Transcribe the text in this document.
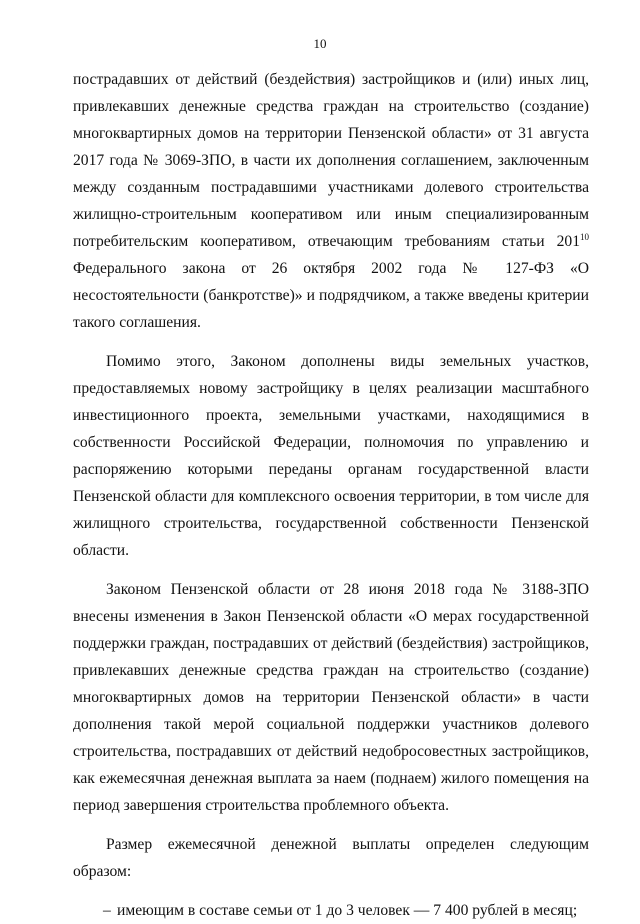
10

пострадавших от действий (бездействия) застройщиков и (или) иных лиц, привлекавших денежные средства граждан на строительство (создание) многоквартирных домов на территории Пензенской области» от 31 августа 2017 года № 3069-ЗПО, в части их дополнения соглашением, заключенным между созданным пострадавшими участниками долевого строительства жилищно-строительным кооперативом или иным специализированным потребительским кооперативом, отвечающим требованиям статьи $201^{10}$ Федерального закона от 26 октября 2002 года № 127-ФЗ «О несостоятельности (банкротстве)» и подрядчиком, а также введены критерии такого соглашения.

Помимо этого, Законом дополнены виды земельных участков, предоставляемых новому застройщику в целях реализации масштабного инвестиционного проекта, земельными участками, находящимися в собственности Российской Федерации, полномочия по управлению и распоряжению которыми переданы органам государственной власти Пензенской области для комплексного освоения территории, в том числе для жилищного строительства, государственной собственности Пензенской области.

Законом Пензенской области от 28 июня 2018 года № 3188-ЗПО внесены изменения в Закон Пензенской области «О мерах государственной поддержки граждан, пострадавших от действий (бездействия) застройщиков, привлекавших денежные средства граждан на строительство (создание) многоквартирных домов на территории Пензенской области» в части дополнения такой мерой социальной поддержки участников долевого строительства, пострадавших от действий недобросовестных застройщиков, как ежемесячная денежная выплата за наем (поднаем) жилого помещения на период завершения строительства проблемного объекта.

Размер ежемесячной денежной выплаты определен следующим образом:

– имеющим в составе семьи от 1 до 3 человек — 7 400 рублей в месяц;
